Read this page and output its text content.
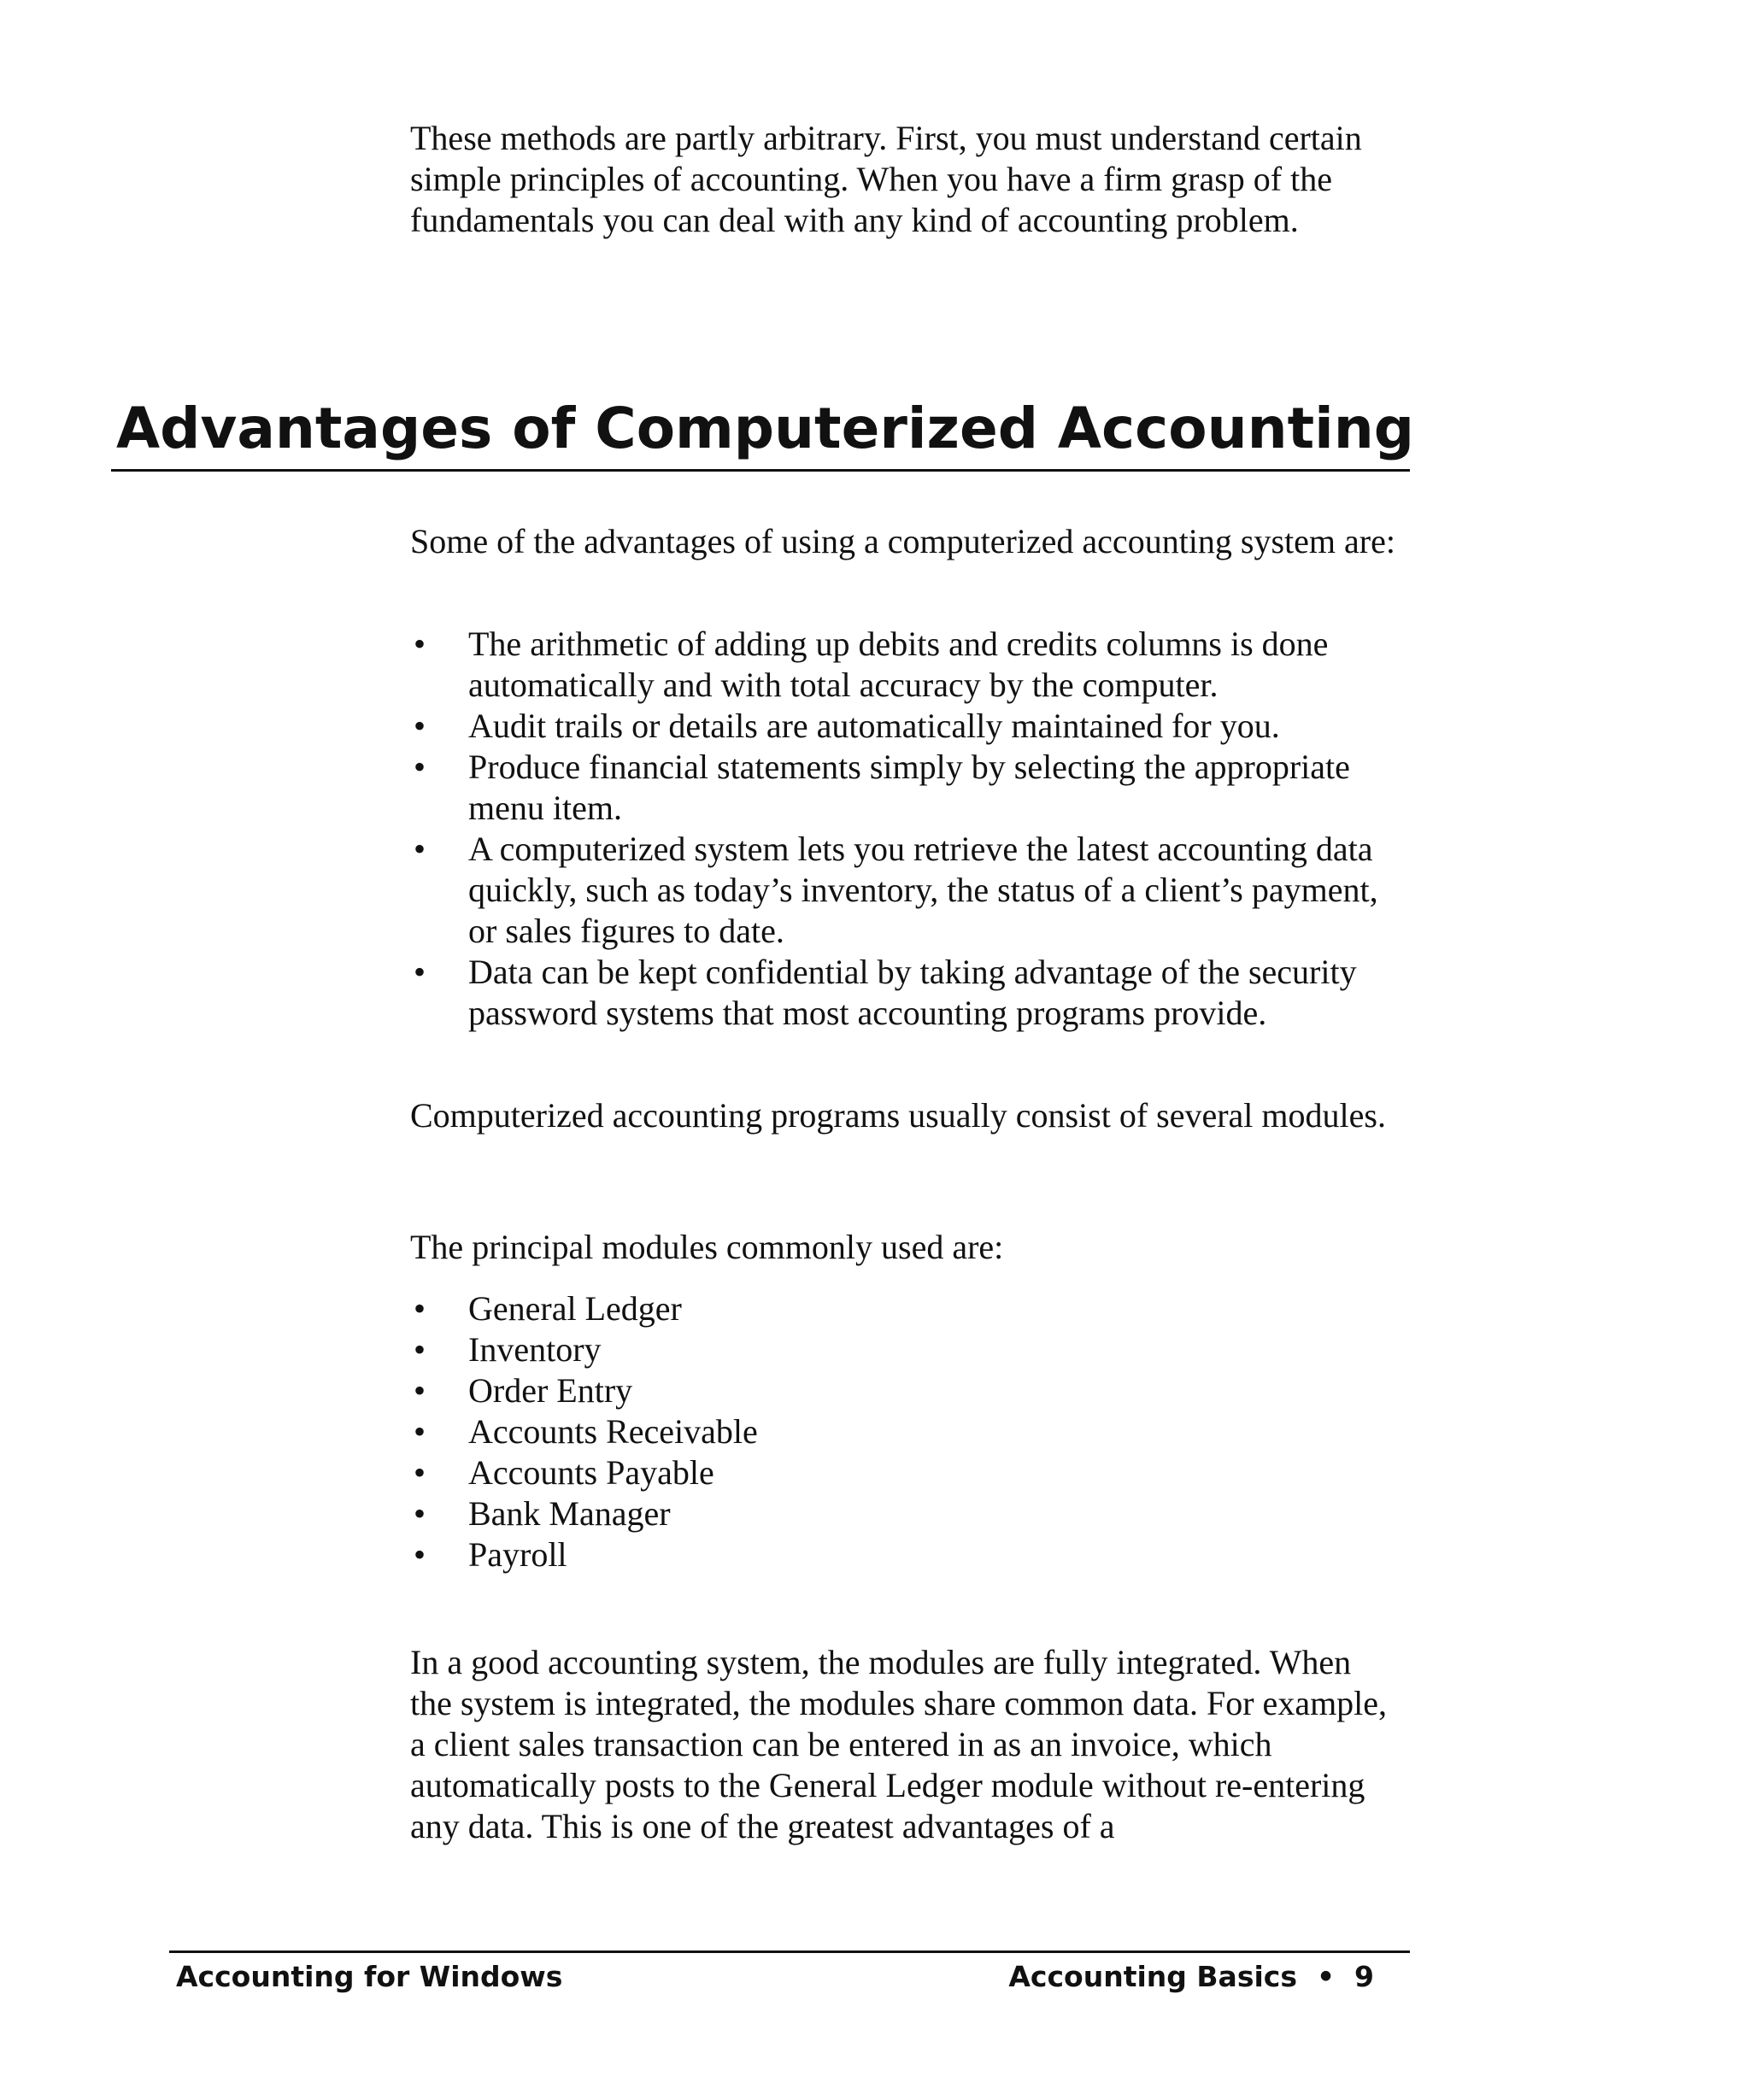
These methods are partly arbitrary. First, you must understand certain simple principles of accounting. When you have a firm grasp of the fundamentals you can deal with any kind of accounting problem.

Advantages of Computerized Accounting

Some of the advantages of using a computerized accounting system are:

• The arithmetic of adding up debits and credits columns is done automatically and with total accuracy by the computer.
• Audit trails or details are automatically maintained for you.
• Produce financial statements simply by selecting the appropriate menu item.
• A computerized system lets you retrieve the latest accounting data quickly, such as today’s inventory, the status of a client’s payment, or sales figures to date.
• Data can be kept confidential by taking advantage of the security password systems that most accounting programs provide.

Computerized accounting programs usually consist of several modules.

The principal modules commonly used are:

• General Ledger
• Inventory
• Order Entry
• Accounts Receivable
• Accounts Payable
• Bank Manager
• Payroll

In a good accounting system, the modules are fully integrated. When the system is integrated, the modules share common data. For example, a client sales transaction can be entered in as an invoice, which automatically posts to the General Ledger module without re-entering any data. This is one of the greatest advantages of a

Accounting for Windows	Accounting Basics  •  9
